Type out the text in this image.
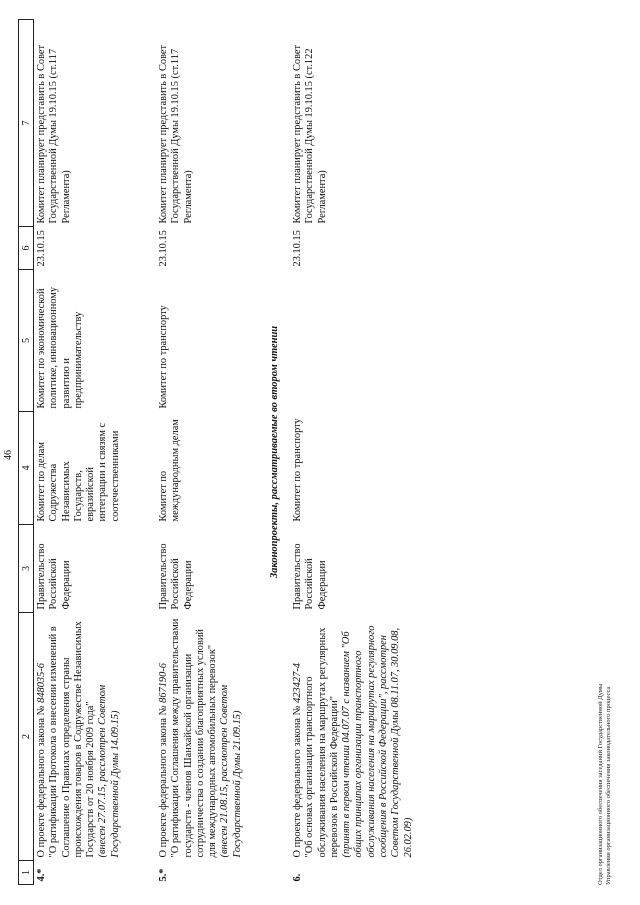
46
1	2	3	4	5	6	7
4.*	О проекте федерального закона № 848035-6
"О ратификации Протокола о внесении изменений в Соглашение о Правилах определения страны происхождения товаров в Содружестве Независимых Государств от 20 ноября 2009 года"
(внесен 27.07.15, рассмотрен Советом Государственной Думы 14.09.15)	Правительство Российской Федерации	Комитет по делам Содружества Независимых Государств, евразийской интеграции и связям с соотечественниками	Комитет по экономической политике, инновационному развитию и предпринимательству	23.10.15	Комитет планирует представить в Совет Государственной Думы 19.10.15 (ст.117 Регламента)
5.*	О проекте федерального закона № 867190-6
"О ратификации Соглашения между правительствами государств - членов Шанхайской организации сотрудничества о создании благоприятных условий для международных автомобильных перевозок"
(внесен 21.08.15, рассмотрен Советом Государственной Думы 21.09.15)	Правительство Российской Федерации	Комитет по международным делам	Комитет по транспорту	23.10.15	Комитет планирует представить в Совет Государственной Думы 19.10.15 (ст.117 Регламента)
Законопроекты, рассматриваемые во втором чтении						
6.	О проекте федерального закона № 423427-4
"Об основах организации транспортного обслуживания населения на маршрутах регулярных перевозок в Российской Федерации"
(принят в первом чтении 04.07.07 с названием "Об общих принципах организации транспортного обслуживания населения на маршрутах регулярного сообщения в Российской Федерации", рассмотрен Советом Государственной Думы 08.11.07, 30.09.08, 26.02.09)	Правительство Российской Федерации	Комитет по транспорту		23.10.15	Комитет планирует представить в Совет Государственной Думы 19.10.15 (ст.122 Регламента)
Отдел организационного обеспечения заседаний Государственной Думы Управления организационного обеспечения законодательного процесса
